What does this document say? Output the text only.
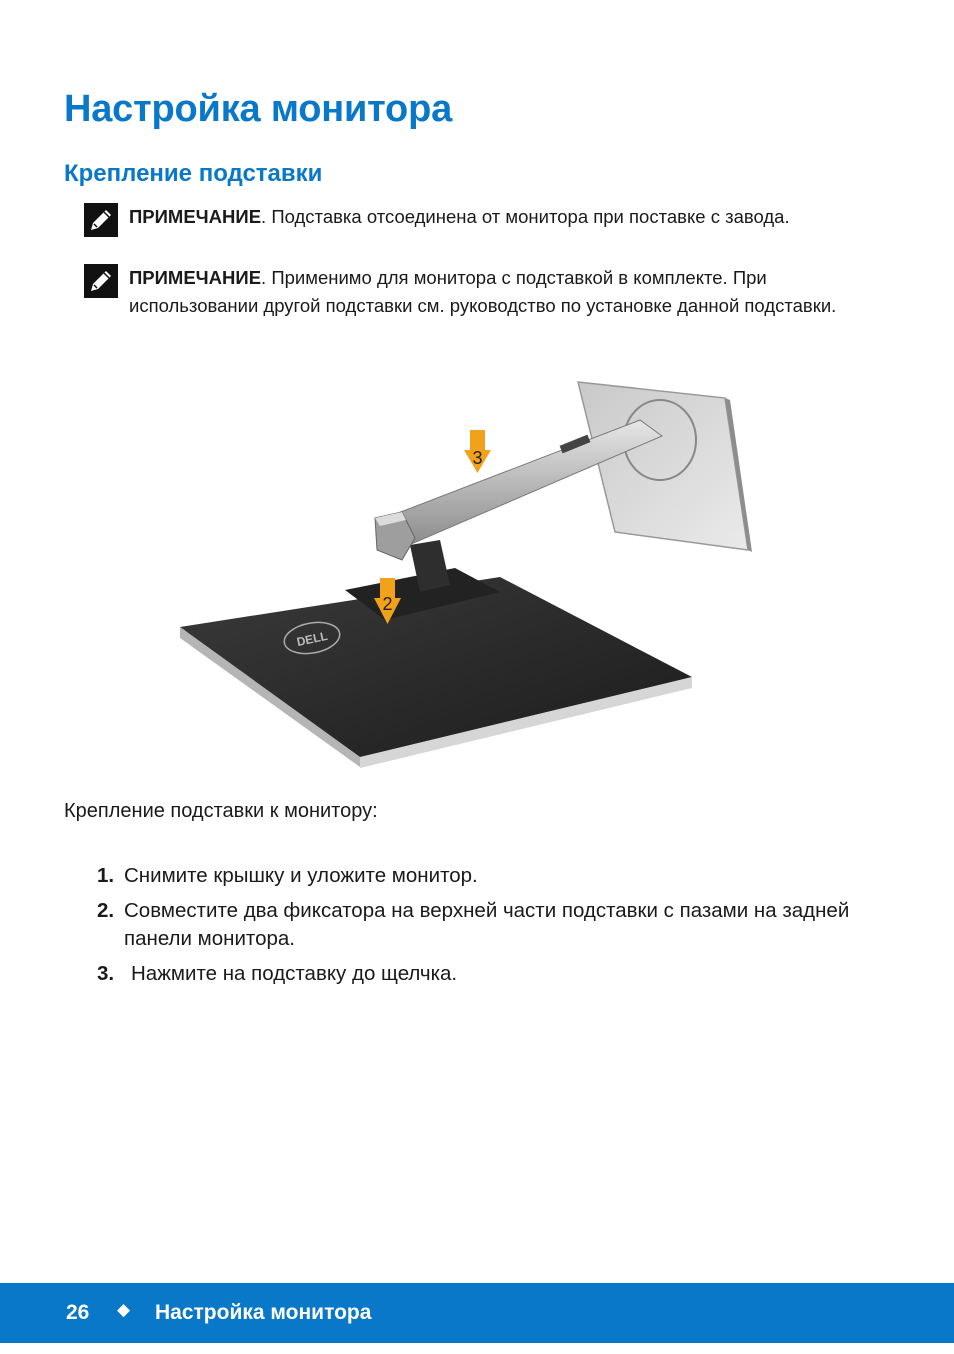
Настройка монитора
Крепление подставки
ПРИМЕЧАНИЕ. Подставка отсоединена от монитора при поставке с завода.
ПРИМЕЧАНИЕ. Применимо для монитора с подставкой в комплекте. При использовании другой подставки см. руководство по установке данной подставки.
DELL
3
2
Крепление подставки к монитору:
1. Снимите крышку и уложите монитор.
2. Совместите два фиксатора на верхней части подставки с пазами на задней панели монитора.
3. Нажмите на подставку до щелчка.
26 ◆ Настройка монитора
